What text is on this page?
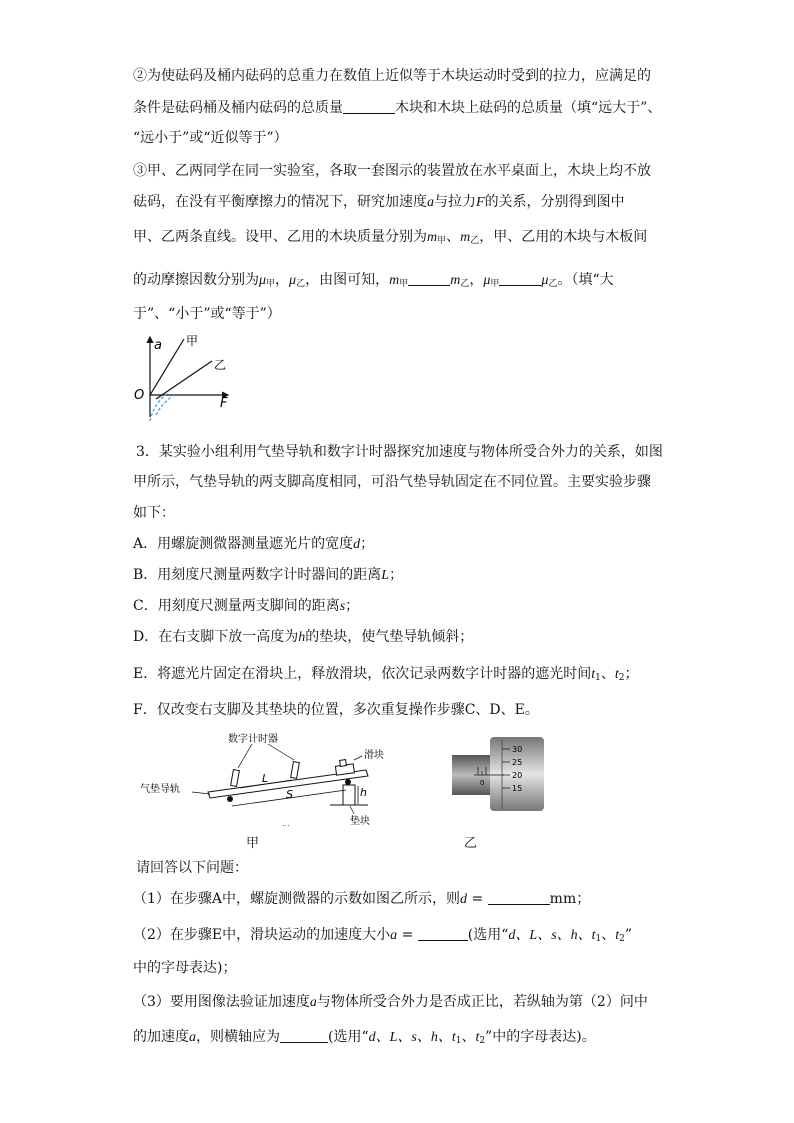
②为使砝码及桶内砝码的总重力在数值上近似等于木块运动时受到的拉力，应满足的
条件是砝码桶及桶内砝码的总质量	木块和木块上砝码的总质量（填“远大于”、
“远小于”或“近似等于”）
③甲、乙两同学在同一实验室，各取一套图示的装置放在水平桌面上，木块上均不放
砝码，在没有平衡摩擦力的情况下，研究加速度a与拉力F的关系，分别得到图中
甲、乙两条直线。设甲、乙用的木块质量分别为$m_甲$、$m_乙$，甲、乙用的木块与木板间
的动摩擦因数分别为$\mu_甲$，$\mu_乙$，由图可知，$m_甲$	$m_乙$，$\mu_甲$	$\mu_乙$。（填“大
于”、“小于”或“等于”）
a 甲
乙
O
F
3．某实验小组利用气垫导轨和数字计时器探究加速度与物体所受合外力的关系，如图
甲所示，气垫导轨的两支脚高度相同，可沿气垫导轨固定在不同位置。主要实验步骤
如下：
A．用螺旋测微器测量遮光片的宽度d；
B．用刻度尺测量两数字计时器间的距离L；
C．用刻度尺测量两支脚间的距离s；
D．在右支脚下放一高度为h的垫块，使气垫导轨倾斜；
E．将遮光片固定在滑块上，释放滑块，依次记录两数字计时器的遮光时间$t_1$、$t_2$；
F．仅改变右支脚及其垫块的位置，多次重复操作步骤C、D、E。
数字计时器
滑块
气垫导轨
垫块
L
S	h
...
甲
30
25
20
15
0
乙
请回答以下问题：
（1）在步骤A中，螺旋测微器的示数如图乙所示，则d =	mm；
（2）在步骤E中，滑块运动的加速度大小a =	(选用“d、L、s、h、$t_1$、$t_2$”
中的字母表达)；
（3）要用图像法验证加速度a与物体所受合外力是否成正比，若纵轴为第（2）问中
的加速度a，则横轴应为	(选用“d、L、s、h、$t_1$、$t_2$”中的字母表达)。
